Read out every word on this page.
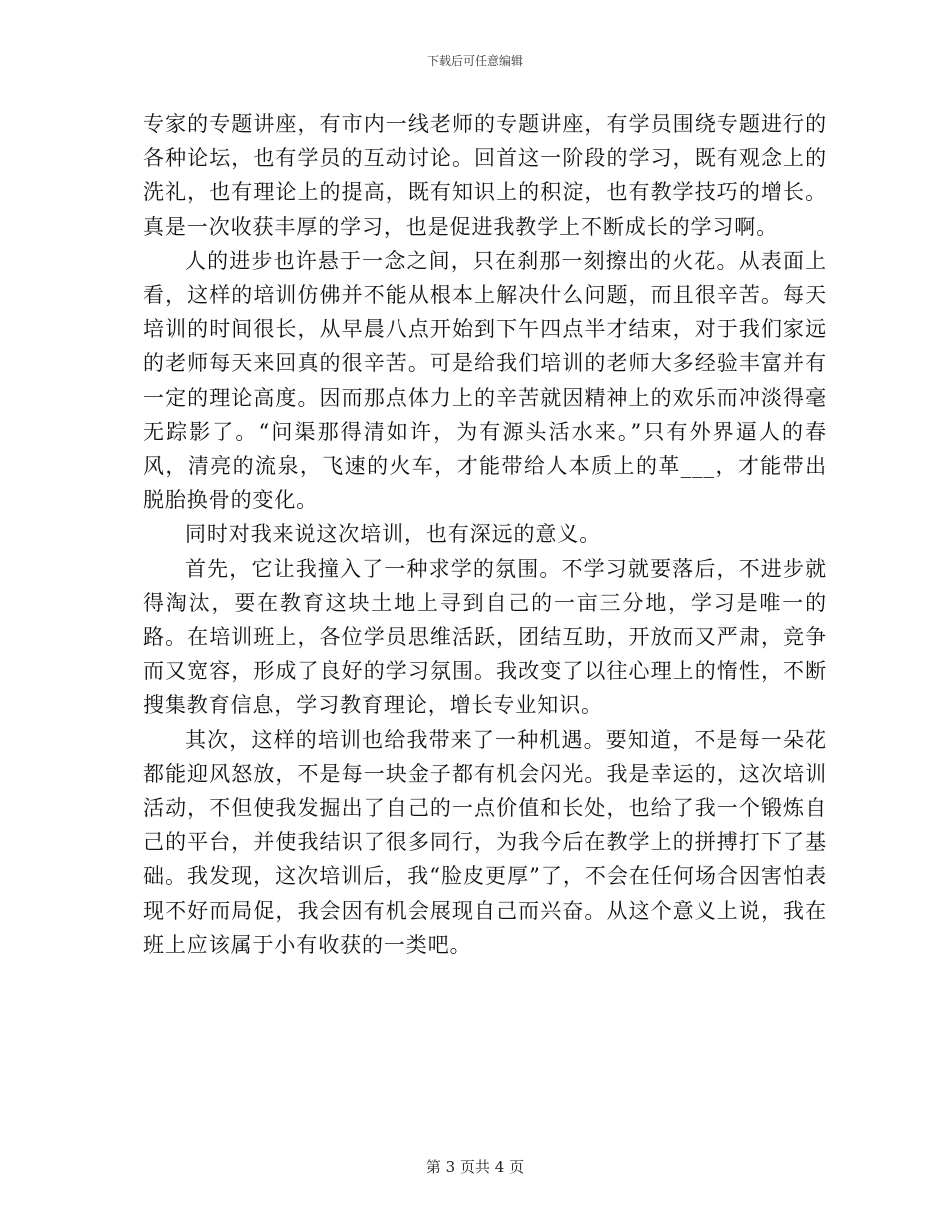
下载后可任意编辑

专家的专题讲座，有市内一线老师的专题讲座，有学员围绕专题进行的各种论坛，也有学员的互动讨论。回首这一阶段的学习，既有观念上的洗礼，也有理论上的提高，既有知识上的积淀，也有教学技巧的增长。真是一次收获丰厚的学习，也是促进我教学上不断成长的学习啊。

人的进步也许悬于一念之间，只在刹那一刻擦出的火花。从表面上看，这样的培训仿佛并不能从根本上解决什么问题，而且很辛苦。每天培训的时间很长，从早晨八点开始到下午四点半才结束，对于我们家远的老师每天来回真的很辛苦。可是给我们培训的老师大多经验丰富并有一定的理论高度。因而那点体力上的辛苦就因精神上的欢乐而冲淡得毫无踪影了。“问渠那得清如许，为有源头活水来。”只有外界逼人的春风，清亮的流泉，飞速的火车，才能带给人本质上的革___，才能带出脱胎换骨的变化。

同时对我来说这次培训，也有深远的意义。

首先，它让我撞入了一种求学的氛围。不学习就要落后，不进步就得淘汰，要在教育这块土地上寻到自己的一亩三分地，学习是唯一的路。在培训班上，各位学员思维活跃，团结互助，开放而又严肃，竞争而又宽容，形成了良好的学习氛围。我改变了以往心理上的惰性，不断搜集教育信息，学习教育理论，增长专业知识。

其次，这样的培训也给我带来了一种机遇。要知道，不是每一朵花都能迎风怒放，不是每一块金子都有机会闪光。我是幸运的，这次培训活动，不但使我发掘出了自己的一点价值和长处，也给了我一个锻炼自己的平台，并使我结识了很多同行，为我今后在教学上的拼搏打下了基础。我发现，这次培训后，我“脸皮更厚”了，不会在任何场合因害怕表现不好而局促，我会因有机会展现自己而兴奋。从这个意义上说，我在班上应该属于小有收获的一类吧。

第 3 页共 4 页
